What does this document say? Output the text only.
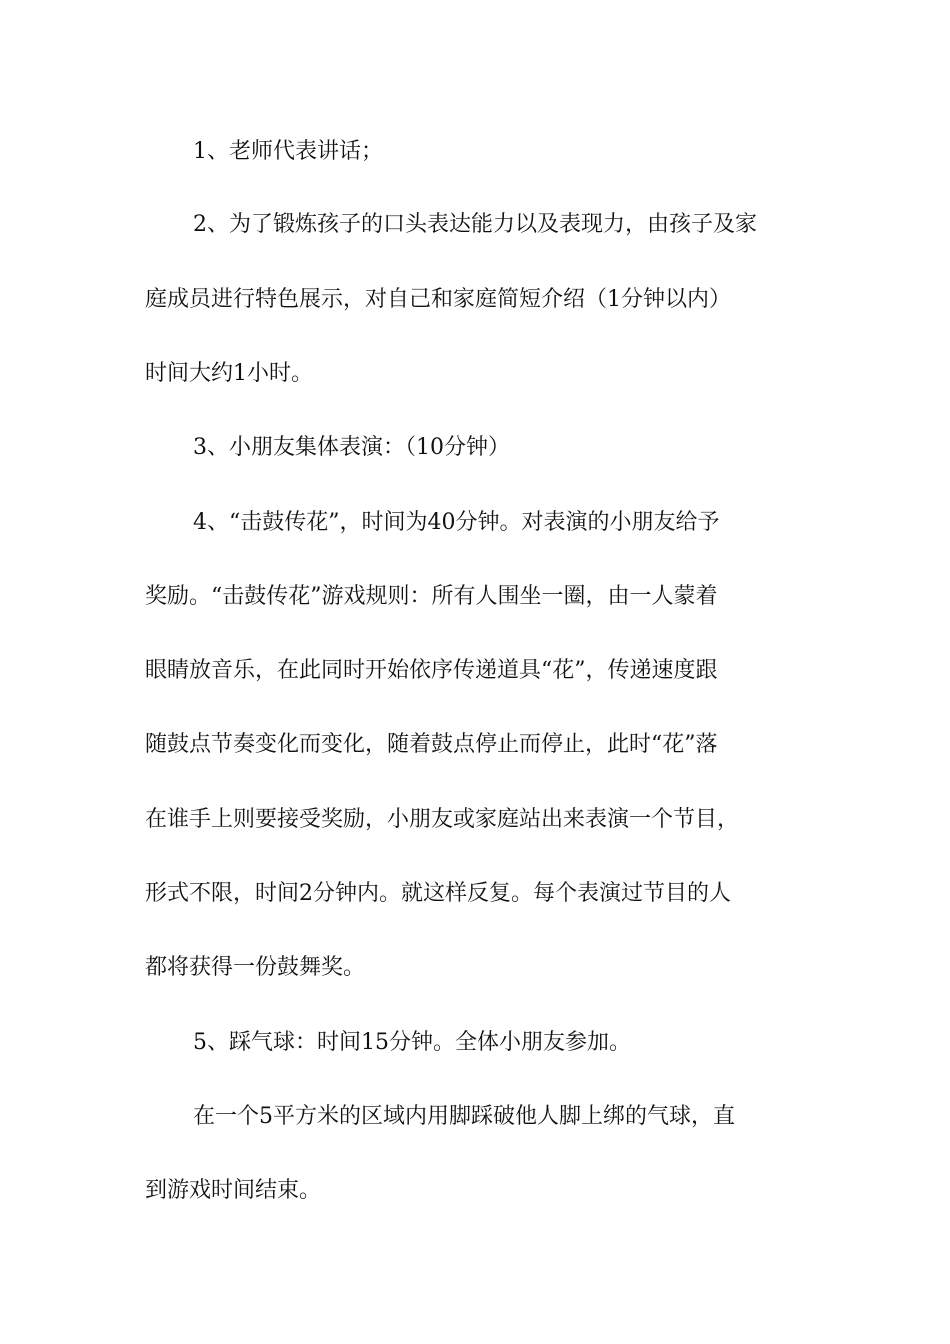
1、老师代表讲话；
2、为了锻炼孩子的口头表达能力以及表现力，由孩子及家
庭成员进行特色展示，对自己和家庭简短介绍（1分钟以内）
时间大约1小时。
3、小朋友集体表演：（10分钟）
4、“击鼓传花”，时间为40分钟。对表演的小朋友给予
奖励。“击鼓传花”游戏规则：所有人围坐一圈，由一人蒙着
眼睛放音乐，在此同时开始依序传递道具“花”，传递速度跟
随鼓点节奏变化而变化，随着鼓点停止而停止，此时“花”落
在谁手上则要接受奖励，小朋友或家庭站出来表演一个节目，
形式不限，时间2分钟内。就这样反复。每个表演过节目的人
都将获得一份鼓舞奖。
5、踩气球：时间15分钟。全体小朋友参加。
在一个5平方米的区域内用脚踩破他人脚上绑的气球，直
到游戏时间结束。
